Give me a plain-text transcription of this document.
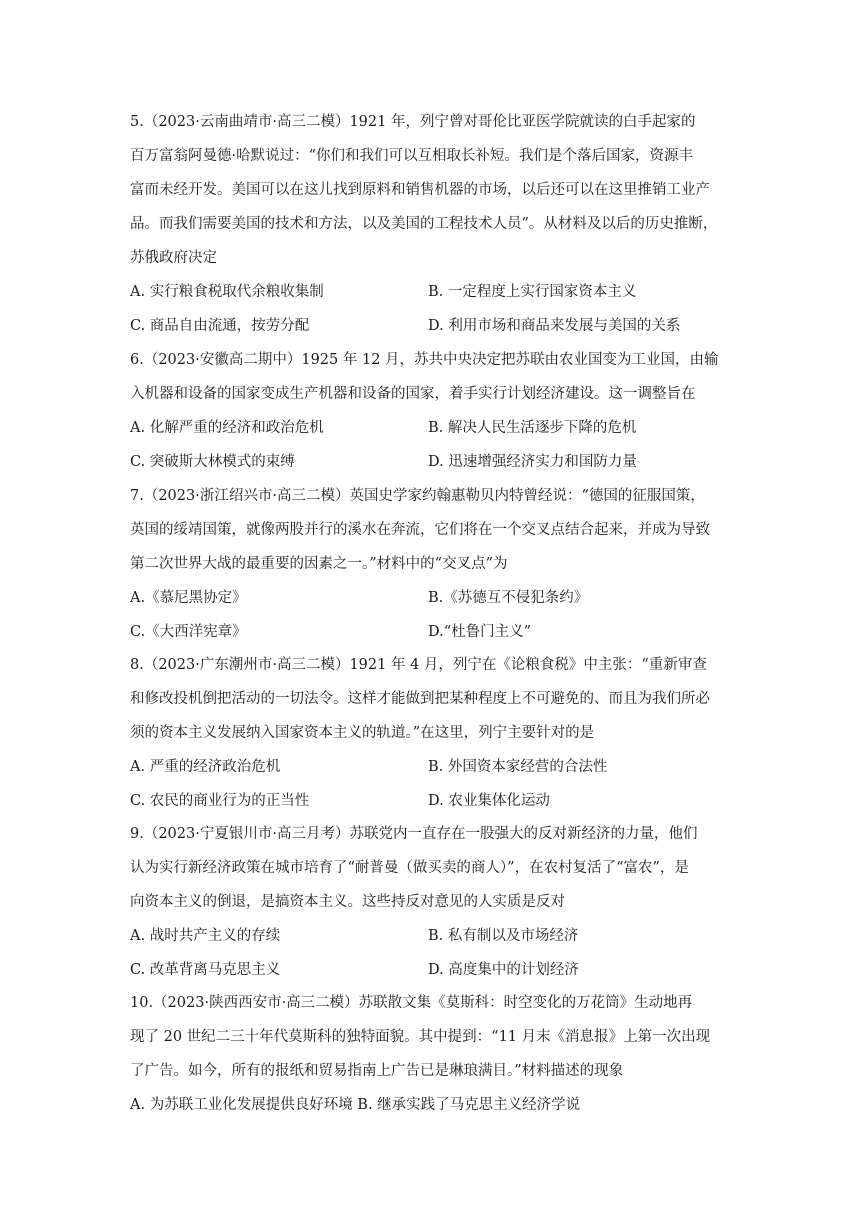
5.（2023·云南曲靖市·高三二模）1921 年，列宁曾对哥伦比亚医学院就读的白手起家的
百万富翁阿曼德·哈默说过：“你们和我们可以互相取长补短。我们是个落后国家，资源丰
富而未经开发。美国可以在这儿找到原料和销售机器的市场，以后还可以在这里推销工业产
品。而我们需要美国的技术和方法，以及美国的工程技术人员”。从材料及以后的历史推断，
苏俄政府决定
A. 实行粮食税取代余粮收集制	B. 一定程度上实行国家资本主义
C. 商品自由流通，按劳分配	D. 利用市场和商品来发展与美国的关系
6.（2023·安徽高二期中）1925 年 12 月，苏共中央决定把苏联由农业国变为工业国，由输
入机器和设备的国家变成生产机器和设备的国家，着手实行计划经济建设。这一调整旨在
A. 化解严重的经济和政治危机	B. 解决人民生活逐步下降的危机
C. 突破斯大林模式的束缚	D. 迅速增强经济实力和国防力量
7.（2023·浙江绍兴市·高三二模）英国史学家约翰惠勒贝内特曾经说：“德国的征服国策，
英国的绥靖国策，就像两股并行的溪水在奔流，它们将在一个交叉点结合起来，并成为导致
第二次世界大战的最重要的因素之一。”材料中的“交叉点”为
A.《慕尼黑协定》	B.《苏德互不侵犯条约》
C.《大西洋宪章》	D.“杜鲁门主义”
8.（2023·广东潮州市·高三二模）1921 年 4 月，列宁在《论粮食税》中主张：“重新审查
和修改投机倒把活动的一切法令。这样才能做到把某种程度上不可避免的、而且为我们所必
须的资本主义发展纳入国家资本主义的轨道。”在这里，列宁主要针对的是
A. 严重的经济政治危机	B. 外国资本家经营的合法性
C. 农民的商业行为的正当性	D. 农业集体化运动
9.（2023·宁夏银川市·高三月考）苏联党内一直存在一股强大的反对新经济的力量，他们
认为实行新经济政策在城市培育了“耐普曼（做买卖的商人）”，在农村复活了“富农”，是
向资本主义的倒退，是搞资本主义。这些持反对意见的人实质是反对
A. 战时共产主义的存续	B. 私有制以及市场经济
C. 改革背离马克思主义	D. 高度集中的计划经济
10.（2023·陕西西安市·高三二模）苏联散文集《莫斯科：时空变化的万花筒》生动地再
现了 20 世纪二三十年代莫斯科的独特面貌。其中提到：“11 月末《消息报》上第一次出现
了广告。如今，所有的报纸和贸易指南上广告已是琳琅满目。”材料描述的现象
A. 为苏联工业化发展提供良好环境 B. 继承实践了马克思主义经济学说
